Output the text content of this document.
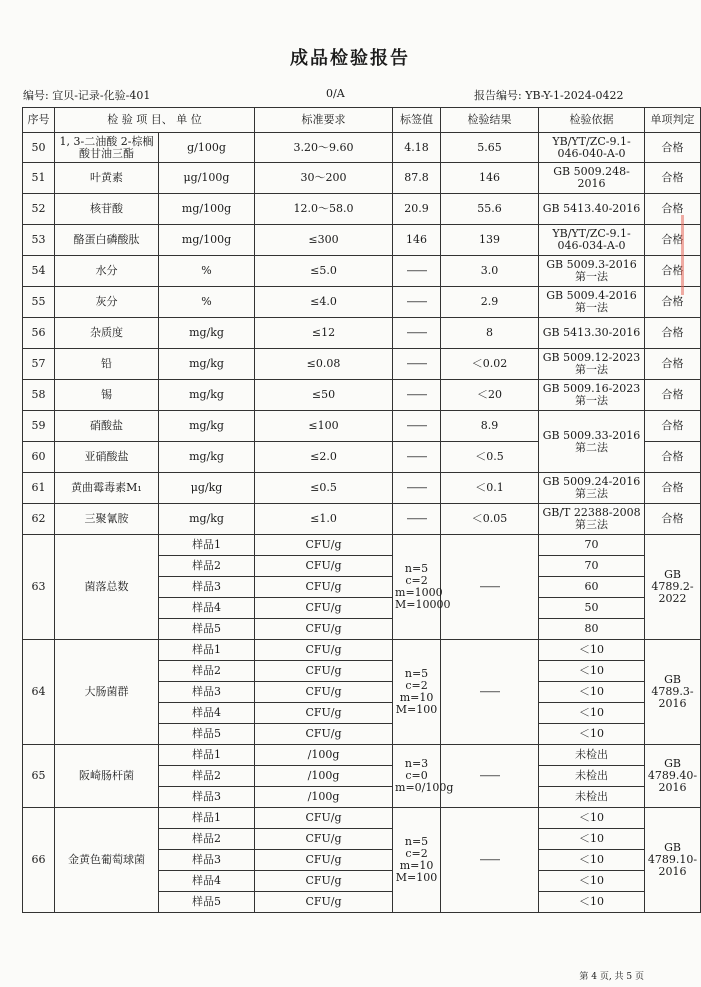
成品检验报告
编号: 宜贝-记录-化验-401	0/A	报告编号: YB-Y-1-2024-0422
序号	检 验 项 目、 单 位		标准要求	标签值	检验结果	检验依据	单项判定	
50	1, 3-二油酸 2-棕榈酸甘油三酯	g/100g	3.20～9.60	4.18	5.65	YB/YT/ZC-9.1-046-040-A-0	合格	
51	叶黄素	μg/100g	30～200	87.8	146	GB 5009.248-2016	合格	
52	核苷酸	mg/100g	12.0～58.0	20.9	55.6	GB 5413.40-2016	合格	
53	酪蛋白磷酸肽	mg/100g	≤300	146	139	YB/YT/ZC-9.1-046-034-A-0	合格	
54	水分	%	≤5.0	——	3.0	GB 5009.3-2016 第一法	合格	
55	灰分	%	≤4.0	——	2.9	GB 5009.4-2016 第一法	合格	
56	杂质度	mg/kg	≤12	——	8	GB 5413.30-2016	合格	
57	铅	mg/kg	≤0.08	——	＜0.02	GB 5009.12-2023 第一法	合格	
58	锡	mg/kg	≤50	——	＜20	GB 5009.16-2023 第一法	合格	
59	硝酸盐	mg/kg	≤100	——	8.9	GB 5009.33-2016 第二法	合格	
60	亚硝酸盐	mg/kg	≤2.0	——	＜0.5		合格	
61	黄曲霉毒素M₁	μg/kg	≤0.5	——	＜0.1	GB 5009.24-2016 第三法	合格	
62	三聚氰胺	mg/kg	≤1.0	——	＜0.05	GB/T 22388-2008 第三法	合格	
63	菌落总数	样品1	CFU/g	n=5　　c=2 m=1000 M=10000	——	70	GB 4789.2-2022	
		样品2	CFU/g			70		
		样品3	CFU/g			60		
		样品4	CFU/g			50		
		样品5	CFU/g			80		
64	大肠菌群	样品1	CFU/g	n=5　　c=2 m=10 M=100	——	＜10	GB 4789.3-2016	
		样品2	CFU/g			＜10		
		样品3	CFU/g			＜10		
		样品4	CFU/g			＜10		
		样品5	CFU/g			＜10		
65	阪崎肠杆菌	样品1	/100g	n=3　　c=0 m=0/100g	——	未检出	GB 4789.40-2016	
		样品2	/100g			未检出		
		样品3	/100g			未检出		
66	金黄色葡萄球菌	样品1	CFU/g	n=5　　c=2 m=10 M=100	——	＜10	GB 4789.10-2016	
		样品2	CFU/g			＜10		
		样品3	CFU/g			＜10		
		样品4	CFU/g			＜10		
		样品5	CFU/g			＜10		
第 4 页, 共 5 页
